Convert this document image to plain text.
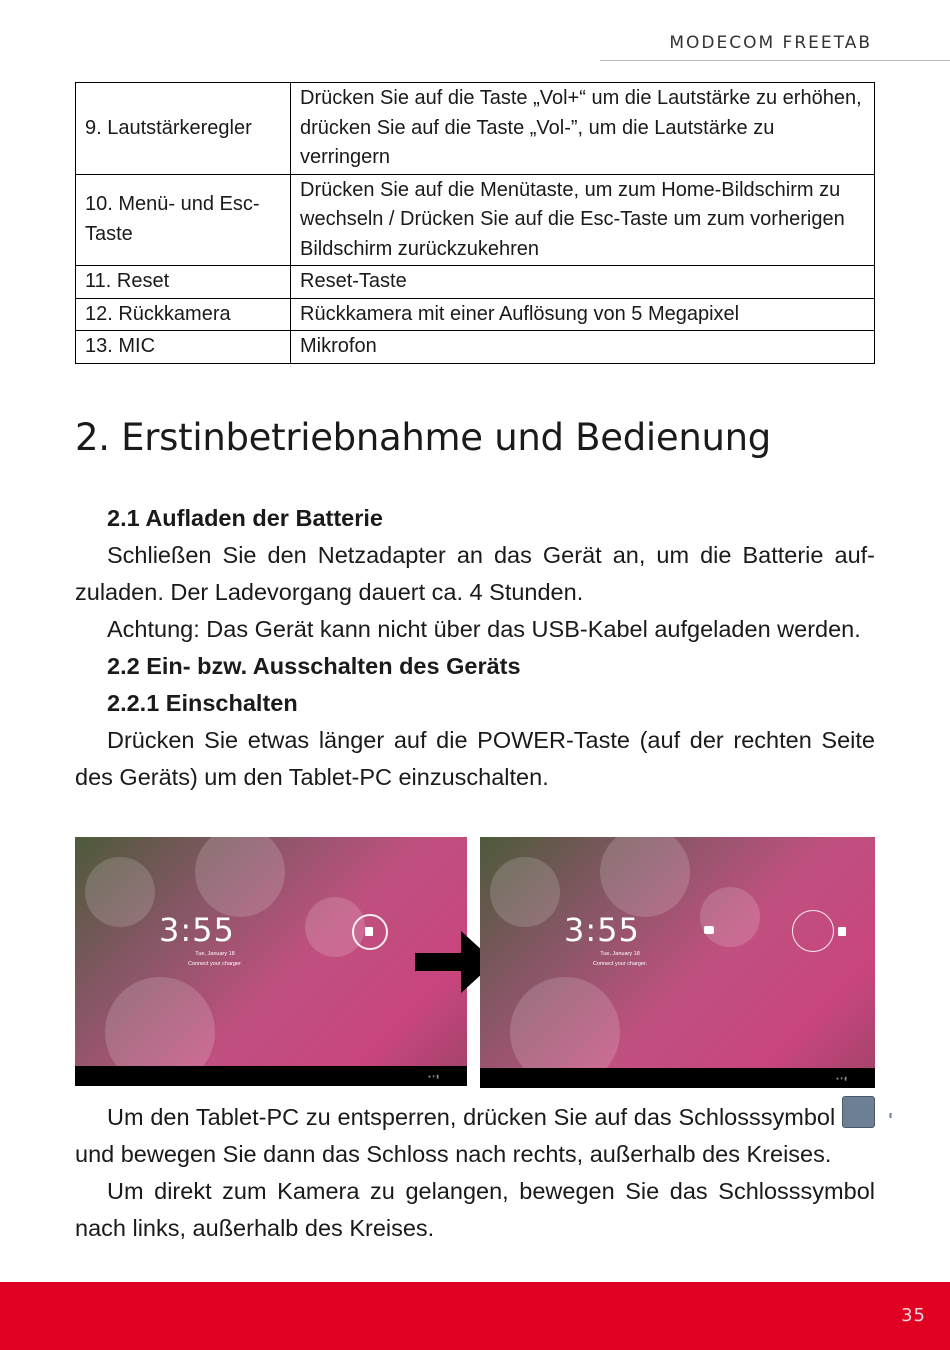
MODECOM FREETAB
9. Lautstärkeregler	Drücken Sie auf die Taste „Vol+“ um die Lautstärke zu erhöhen, drücken Sie auf die Taste „Vol-”, um die Lautstärke zu verringern
10. Menü- und Esc-Taste	Drücken Sie auf die Menütaste, um zum Home-Bildschirm zu wechseln / Drücken Sie auf die Esc-Taste um zum vorherigen Bildschirm zurückzukehren
11. Reset	Reset-Taste
12. Rückkamera	Rückkamera mit einer Auflösung von 5 Megapixel
13. MIC	Mikrofon
2. Erstinbetriebnahme und Bedienung

2.1 Aufladen der Batterie

Schließen Sie den Netzadapter an das Gerät an, um die Batterie aufzuladen. Der Ladevorgang dauert ca. 4 Stunden.

Achtung: Das Gerät kann nicht über das USB-Kabel aufgeladen werden.

2.2 Ein- bzw. Ausschalten des Geräts

2.2.1 Einschalten

Drücken Sie etwas länger auf die POWER-Taste (auf der rechten Seite des Geräts) um den Tablet-PC einzuschalten.

3:55
Tue, January 18
Connect your charger.
● ▾ ▮
3:55
Tue, January 18
Connect your charger.
● ▾ ▮

Um den Tablet-PC zu entsperren, drücken Sie auf das Schlosssymbol  und bewegen Sie dann das Schloss nach rechts, außerhalb des Kreises.

Um direkt zum Kamera zu gelangen, bewegen Sie das Schlosssymbol nach links, außerhalb des Kreises.

35
